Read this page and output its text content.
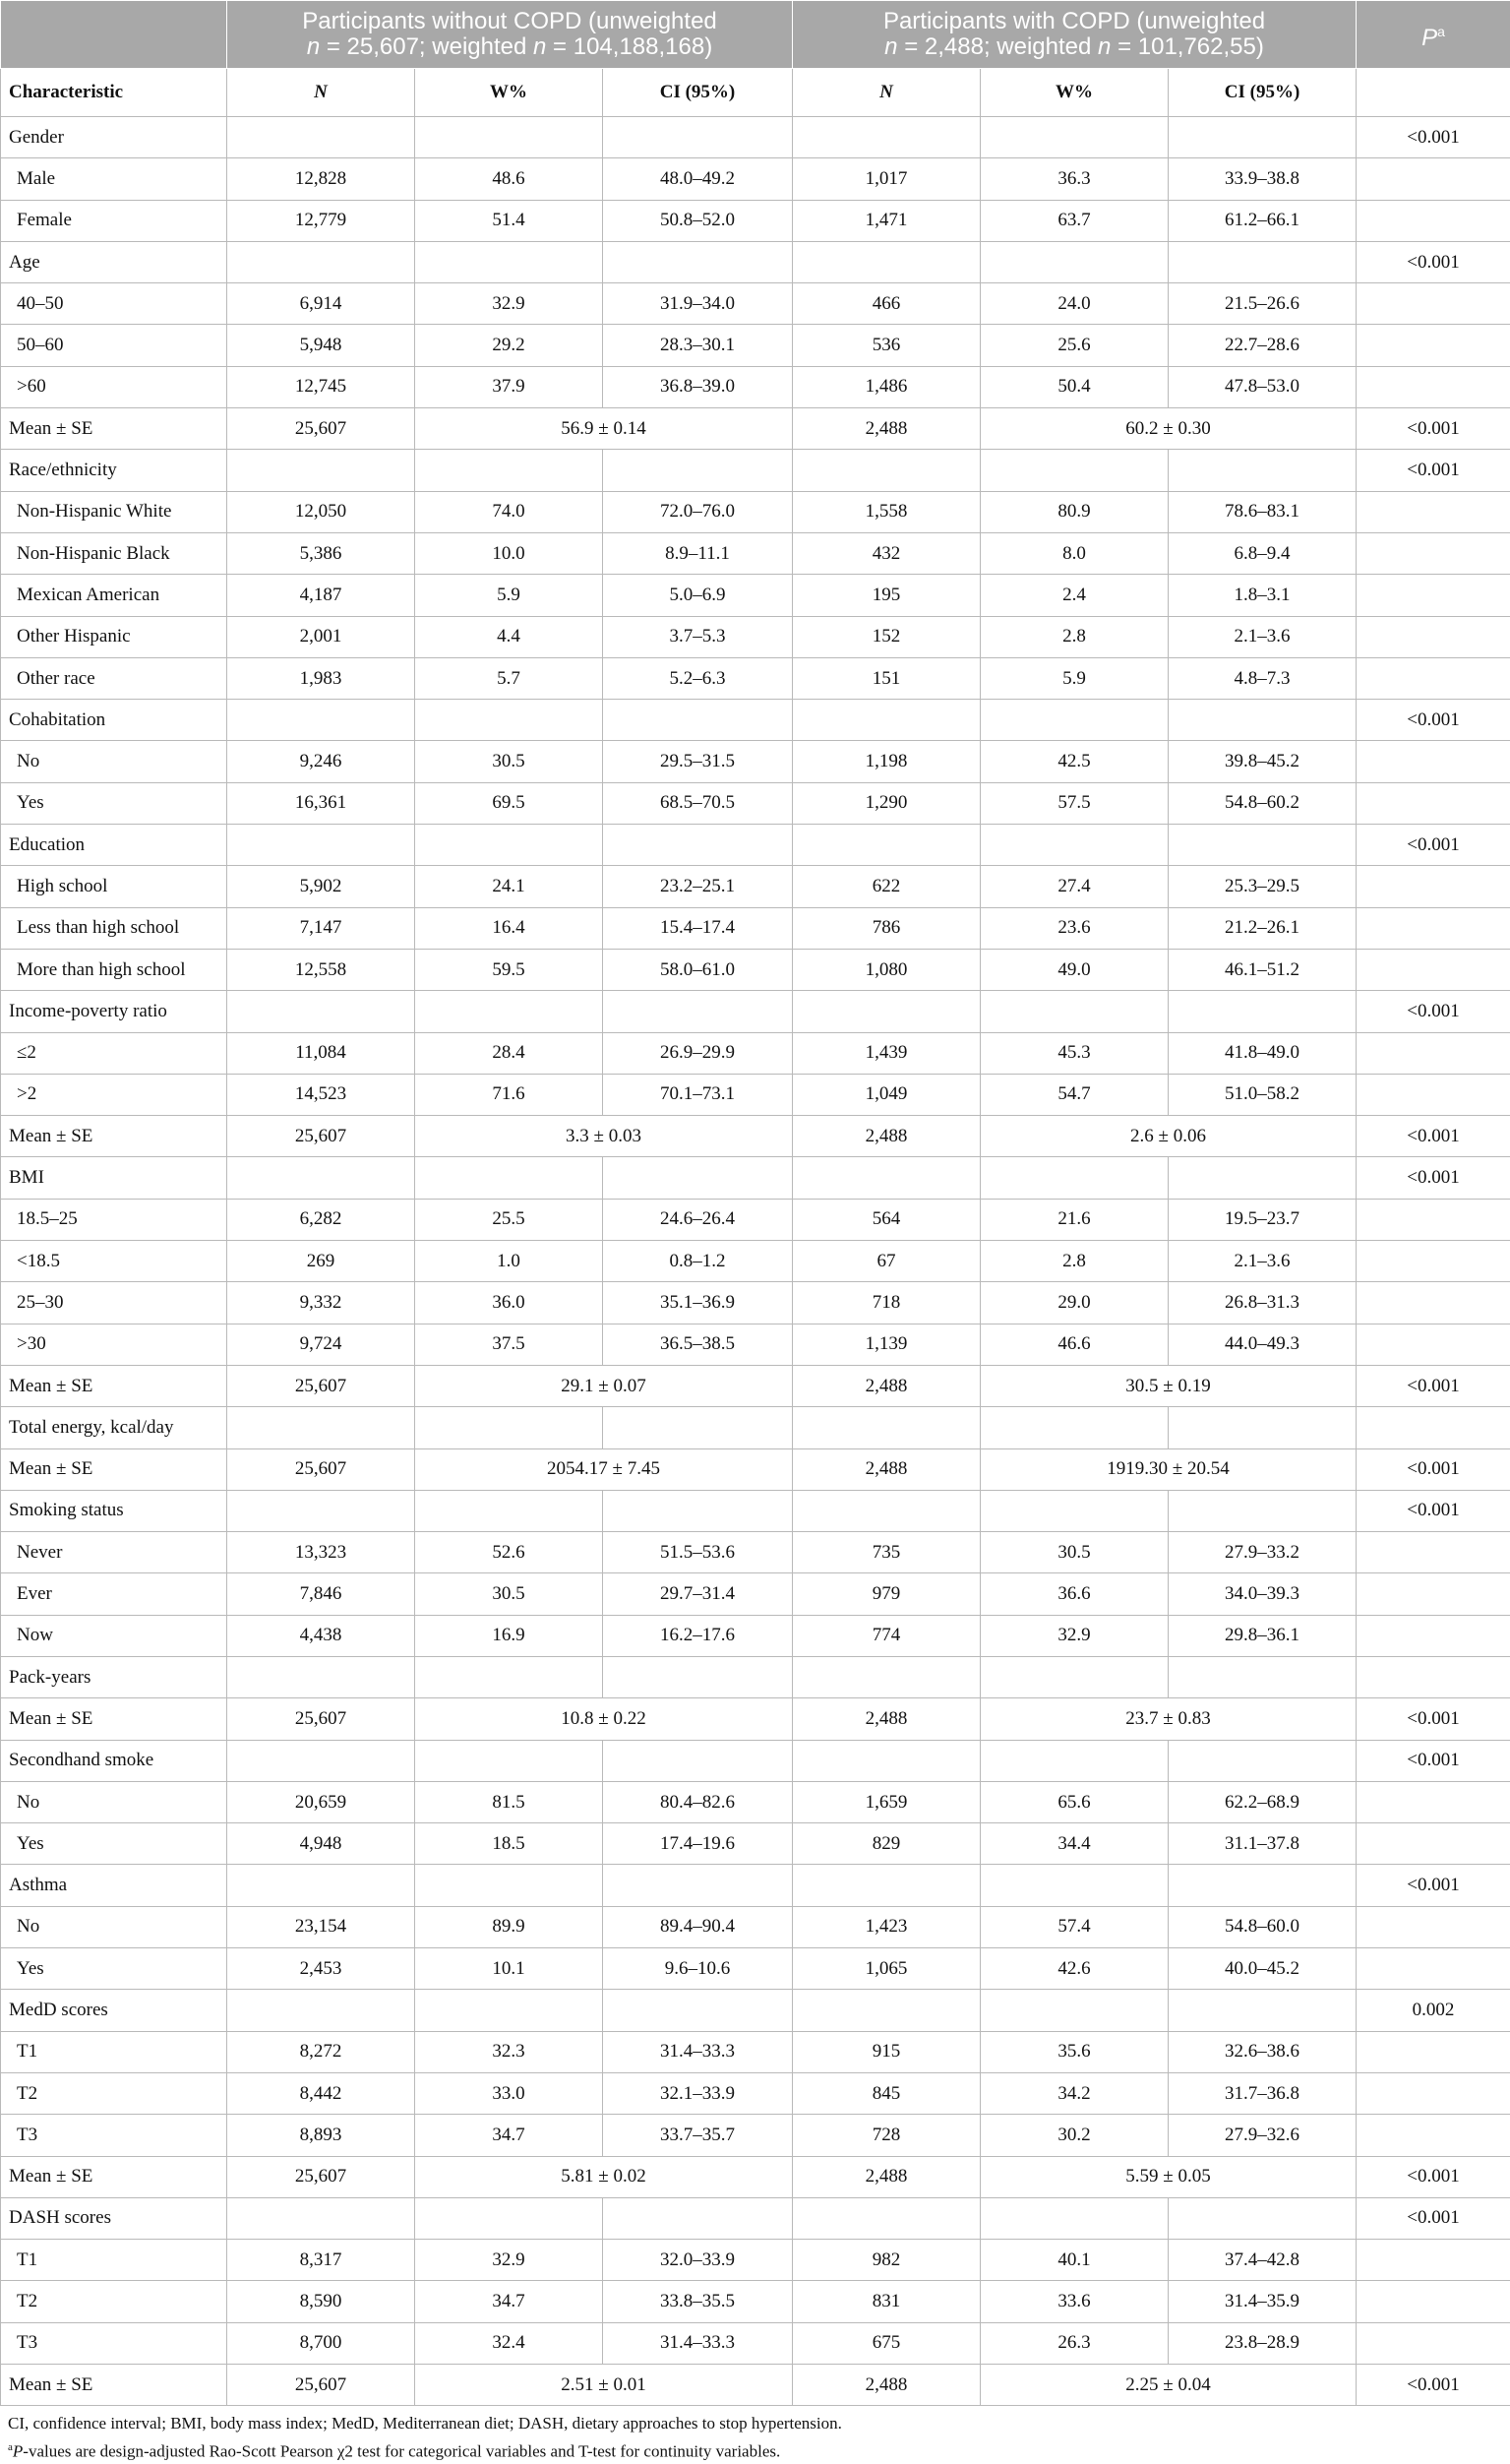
	Participants without COPD (unweighted
n = 25,607; weighted n = 104,188,168)			Participants with COPD (unweighted
n = 2,488; weighted n = 101,762,55)			$P^a$
Characteristic	N	W%	CI (95%)	N	W%	CI (95%)	
Gender							<0.001
Male	12,828	48.6	48.0–49.2	1,017	36.3	33.9–38.8	
Female	12,779	51.4	50.8–52.0	1,471	63.7	61.2–66.1	
Age							<0.001
40–50	6,914	32.9	31.9–34.0	466	24.0	21.5–26.6	
50–60	5,948	29.2	28.3–30.1	536	25.6	22.7–28.6	
>60	12,745	37.9	36.8–39.0	1,486	50.4	47.8–53.0	
Mean ± SE	25,607	56.9 ± 0.14		2,488	60.2 ± 0.30		<0.001
Race/ethnicity							<0.001
Non-Hispanic White	12,050	74.0	72.0–76.0	1,558	80.9	78.6–83.1	
Non-Hispanic Black	5,386	10.0	8.9–11.1	432	8.0	6.8–9.4	
Mexican American	4,187	5.9	5.0–6.9	195	2.4	1.8–3.1	
Other Hispanic	2,001	4.4	3.7–5.3	152	2.8	2.1–3.6	
Other race	1,983	5.7	5.2–6.3	151	5.9	4.8–7.3	
Cohabitation							<0.001
No	9,246	30.5	29.5–31.5	1,198	42.5	39.8–45.2	
Yes	16,361	69.5	68.5–70.5	1,290	57.5	54.8–60.2	
Education							<0.001
High school	5,902	24.1	23.2–25.1	622	27.4	25.3–29.5	
Less than high school	7,147	16.4	15.4–17.4	786	23.6	21.2–26.1	
More than high school	12,558	59.5	58.0–61.0	1,080	49.0	46.1–51.2	
Income-poverty ratio							<0.001
≤2	11,084	28.4	26.9–29.9	1,439	45.3	41.8–49.0	
>2	14,523	71.6	70.1–73.1	1,049	54.7	51.0–58.2	
Mean ± SE	25,607	3.3 ± 0.03		2,488	2.6 ± 0.06		<0.001
BMI							<0.001
18.5–25	6,282	25.5	24.6–26.4	564	21.6	19.5–23.7	
<18.5	269	1.0	0.8–1.2	67	2.8	2.1–3.6	
25–30	9,332	36.0	35.1–36.9	718	29.0	26.8–31.3	
>30	9,724	37.5	36.5–38.5	1,139	46.6	44.0–49.3	
Mean ± SE	25,607	29.1 ± 0.07		2,488	30.5 ± 0.19		<0.001
Total energy, kcal/day							
Mean ± SE	25,607	2054.17 ± 7.45		2,488	1919.30 ± 20.54		<0.001
Smoking status							<0.001
Never	13,323	52.6	51.5–53.6	735	30.5	27.9–33.2	
Ever	7,846	30.5	29.7–31.4	979	36.6	34.0–39.3	
Now	4,438	16.9	16.2–17.6	774	32.9	29.8–36.1	
Pack-years							
Mean ± SE	25,607	10.8 ± 0.22		2,488	23.7 ± 0.83		<0.001
Secondhand smoke							<0.001
No	20,659	81.5	80.4–82.6	1,659	65.6	62.2–68.9	
Yes	4,948	18.5	17.4–19.6	829	34.4	31.1–37.8	
Asthma							<0.001
No	23,154	89.9	89.4–90.4	1,423	57.4	54.8–60.0	
Yes	2,453	10.1	9.6–10.6	1,065	42.6	40.0–45.2	
MedD scores							0.002
T1	8,272	32.3	31.4–33.3	915	35.6	32.6–38.6	
T2	8,442	33.0	32.1–33.9	845	34.2	31.7–36.8	
T3	8,893	34.7	33.7–35.7	728	30.2	27.9–32.6	
Mean ± SE	25,607	5.81 ± 0.02		2,488	5.59 ± 0.05		<0.001
DASH scores							<0.001
T1	8,317	32.9	32.0–33.9	982	40.1	37.4–42.8	
T2	8,590	34.7	33.8–35.5	831	33.6	31.4–35.9	
T3	8,700	32.4	31.4–33.3	675	26.3	23.8–28.9	
Mean ± SE	25,607	2.51 ± 0.01		2,488	2.25 ± 0.04		<0.001
CI, confidence interval; BMI, body mass index; MedD, Mediterranean diet; DASH, dietary approaches to stop hypertension.
$^a$P-values are design-adjusted Rao-Scott Pearson χ2 test for categorical variables and T-test for continuity variables.
